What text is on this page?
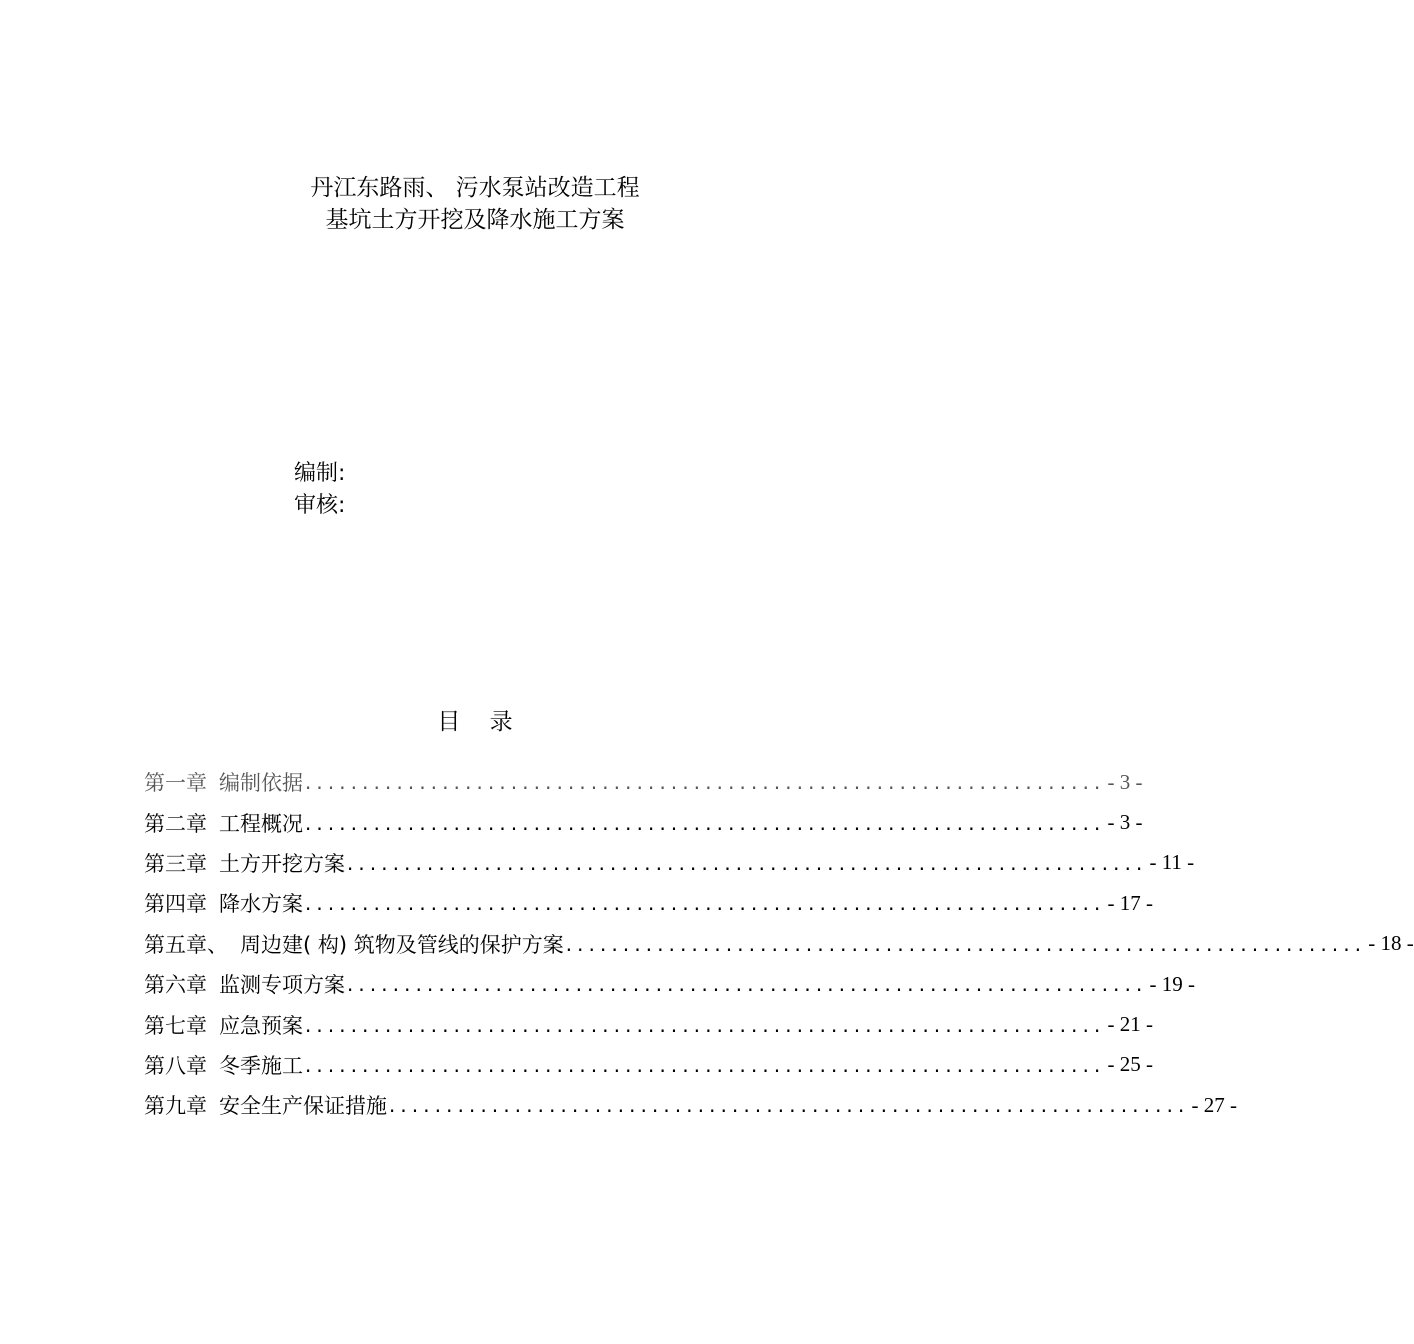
丹江东路雨、 污水泵站改造工程
基坑土方开挖及降水施工方案
编制:
审核:
目    录
第一章 编制依据 ...................................................................... - 3 -
第二章 工程概况 ...................................................................... - 3 -
第三章 土方开挖方案 ...................................................................... - 11 -
第四章 降水方案 ...................................................................... - 17 -
第五章、 周边建( 构) 筑物及管线的保护方案 ...................................................................... - 18 -
第六章 监测专项方案 ...................................................................... - 19 -
第七章 应急预案 ...................................................................... - 21 -
第八章 冬季施工 ...................................................................... - 25 -
第九章 安全生产保证措施 ...................................................................... - 27 -
